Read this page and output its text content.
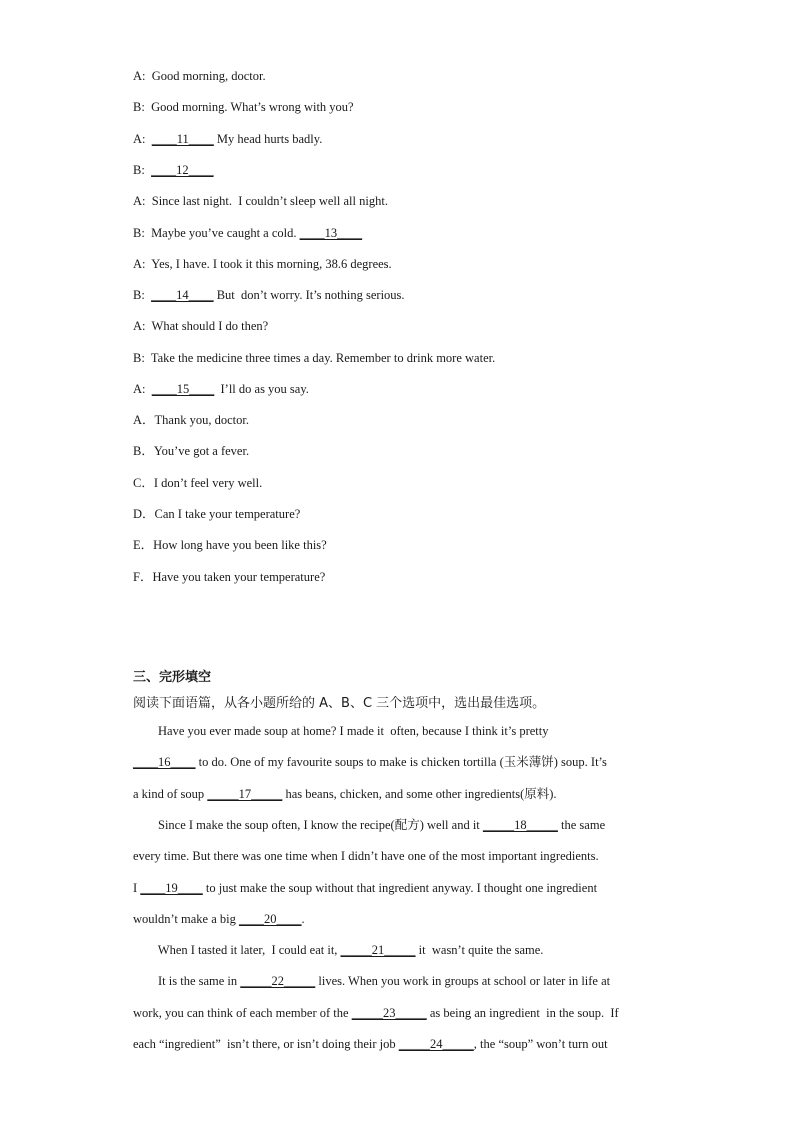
A:  Good morning, doctor.
B:  Good morning. What’s wrong with you?
A:  ____11____ My head hurts badly.
B:  ____12____
A:  Since last night.  I couldn’t sleep well all night.
B:  Maybe you’ve caught a cold. ____13____
A:  Yes, I have. I took it this morning, 38.6 degrees.
B:  ____14____ But  don’t worry. It’s nothing serious.
A:  What should I do then?
B:  Take the medicine three times a day. Remember to drink more water.
A:  ____15____  I’ll do as you say.
A．Thank you, doctor.
B．You’ve got a fever.
C．I don’t feel very well.
D．Can I take your temperature?
E．How long have you been like this?
F．Have you taken your temperature?
三、完形填空
阅读下面语篇，从各小题所给的 A、B、C 三个选项中，选出最佳选项。
Have you ever made soup at home? I made it  often, because I think it’s pretty
____16____ to do. One of my favourite soups to make is chicken tortilla (玉米薄饼) soup. It’s
a kind of soup _____17_____ has beans, chicken, and some other ingredients(原料).
Since I make the soup often, I know the recipe(配方) well and it _____18_____ the same
every time. But there was one time when I didn’t have one of the most important ingredients.
I ____19____ to just make the soup without that ingredient anyway. I thought one ingredient
wouldn’t make a big ____20____.
When I tasted it later,  I could eat it, _____21_____ it  wasn’t quite the same.
It is the same in _____22_____ lives. When you work in groups at school or later in life at
work, you can think of each member of the _____23_____ as being an ingredient  in the soup.  If
each “ingredient”  isn’t there, or isn’t doing their job _____24_____, the “soup” won’t turn out
